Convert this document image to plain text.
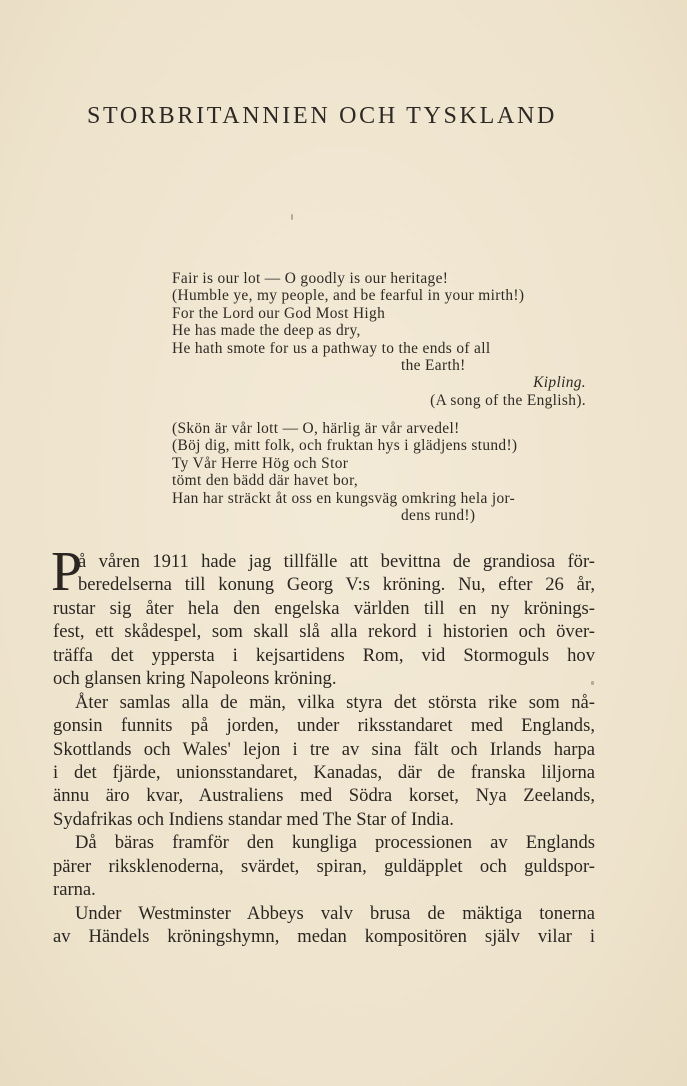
STORBRITANNIEN OCH TYSKLAND
Fair is our lot — O goodly is our heritage!
(Humble ye, my people, and be fearful in your mirth!)
For the Lord our God Most High
He has made the deep as dry,
He hath smote for us a pathway to the ends of all
the Earth!
Kipling.
(A song of the English).
(Skön är vår lott — O, härlig är vår arvedel!
(Böj dig, mitt folk, och fruktan hys i glädjens stund!)
Ty Vår Herre Hög och Stor
tömt den bädd där havet bor,
Han har sträckt åt oss en kungsväg omkring hela jor-
dens rund!)
P
å våren 1911 hade jag tillfälle att bevittna de grandiosa för-
beredelserna till konung Georg V:s kröning. Nu, efter 26 år,
rustar sig åter hela den engelska världen till en ny krönings-
fest, ett skådespel, som skall slå alla rekord i historien och över-
träffa det yppersta i kejsartidens Rom, vid Stormoguls hov
och glansen kring Napoleons kröning.
Åter samlas alla de män, vilka styra det största rike som nå-
gonsin funnits på jorden, under riksstandaret med Englands,
Skottlands och Wales' lejon i tre av sina fält och Irlands harpa
i det fjärde, unionsstandaret, Kanadas, där de franska liljorna
ännu äro kvar, Australiens med Södra korset, Nya Zeelands,
Sydafrikas och Indiens standar med The Star of India.
Då bäras framför den kungliga processionen av Englands
pärer riksklenoderna, svärdet, spiran, guldäpplet och guldspor-
rarna.
Under Westminster Abbeys valv brusa de mäktiga tonerna
av Händels kröningshymn, medan kompositören själv vilar i
